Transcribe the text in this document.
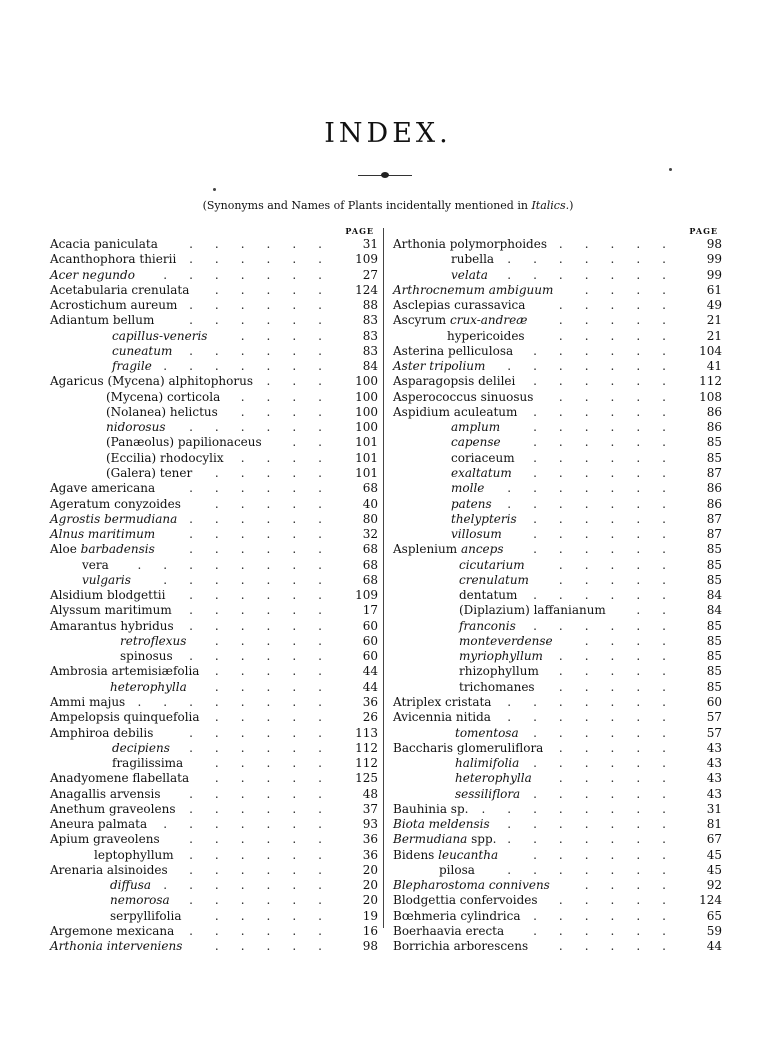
INDEX.
(Synonyms and Names of Plants incidentally mentioned in Italics.)
PAGE
Acacia paniculata	......	31
Acanthophora thierii ...... 109
Acer negundo .......	27
Acetabularia crenulata ..... 124
Acrostichum aureum ......	88
Adiantum bellum	......	83
capillus-veneris	....	83
cuneatum ......	83
fragile .......	84
Agaricus (Mycena) alphitophorus ... 100
(Mycena) corticola .... 100
(Nolanea) helictus .... 100
nidorosus ...... 100
(Panæolus) papilionaceus	.. 101
(Eccilia) rhodocylix .... 101
(Galera) tener ..... 101
Agave americana	......	68
Ageratum conyzoides	.....	40
Agrostis bermudiana ......	80
Alnus maritimum	......	32
Aloe barbadensis	......	68
vera ........	68
vulgaris	.......	68
Alsidium blodgettii ...... 109
Alyssum maritimum ......	17
Amarantus hybridus ......	60
retroflexus .....	60
spinosus ......	60
Ambrosia artemisiæfolia .....	44
heterophylla .....	44
Ammi majus ........	36
Ampelopsis quinquefolia .....	26
Amphiroa debilis	...... 113
decipiens ...... 112
fragilissima	..... 112
Anadyomene flabellata ..... 125
Anagallis arvensis ......	48
Anethum graveolens ......	37
Aneura palmata .......	93
Apium graveolens ......	36
leptophyllum ......	36
Arenaria alsinoides ......	20
diffusa .......	20
nemorosa ......	20
serpyllifolia	.....	19
Argemone mexicana ......	16
Arthonia interveniens	.....	98
PAGE
Arthonia polymorphoides .....	98
rubella .......	99
velata .......	99
Arthrocnemum ambiguum	....	61
Asclepias curassavica	.....	49
Ascyrum crux-andreæ	.....	21
hypericoides	.....	21
Asterina pelliculosa ...... 104
Aster tripolium .......	41
Asparagopsis delilei ...... 112
Asperococcus sinuosus ..... 108
Aspidium aculeatum ......	86
amplum	......	86
capense	......	85
coriaceum ......	85
exaltatum ......	87
molle .......	86
patens .......	86
thelypteris ......	87
villosum	......	87
Asplenium anceps ......	85
cicutarium	.....	85
crenulatum .....	85
dentatum ......	84
(Diplazium) laffanianum	..	84
franconis ......	85
monteverdense	....	85
myriophyllum .....	85
rhizophyllum .....	85
trichomanes .....	85
Atriplex cristata .......	60
Avicennia nitida .......	57
tomentosa ......	57
Baccharis glomeruliflora .....	43
halimifolia ......	43
heterophylla .....	43
sessiliflora ......	43
Bauhinia sp. ........	31
Biota meldensis .......	81
Bermudiana spp. .......	67
Bidens leucantha	......	45
pilosa	.......	45
Blepharostoma connivens	....	92
Blodgettia confervoides ..... 124
Bœhmeria cylindrica ......	65
Boerhaavia erecta ......	59
Borrichia arborescens	.....	44
